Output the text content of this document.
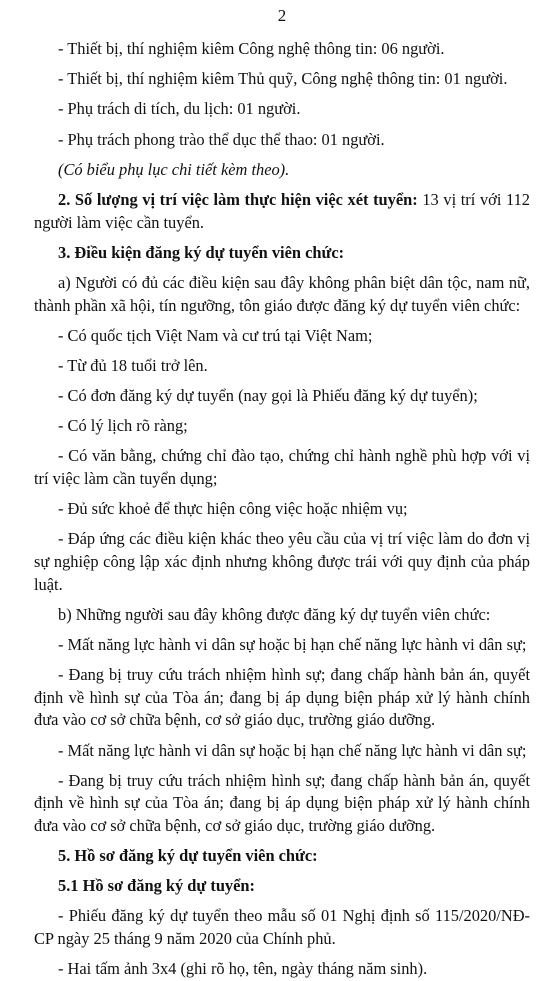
2

- Thiết bị, thí nghiệm kiêm Công nghệ thông tin: 06 người.

- Thiết bị, thí nghiệm kiêm Thủ quỹ, Công nghệ thông tin: 01 người.

- Phụ trách di tích, du lịch: 01 người.

- Phụ trách phong trào thể dục thể thao: 01 người.

(Có biểu phụ lục chi tiết kèm theo).

2. Số lượng vị trí việc làm thực hiện việc xét tuyển: 13 vị trí với 112 người làm việc cần tuyển.

3. Điều kiện đăng ký dự tuyển viên chức:

a) Người có đủ các điều kiện sau đây không phân biệt dân tộc, nam nữ, thành phần xã hội, tín ngưỡng, tôn giáo được đăng ký dự tuyển viên chức:

- Có quốc tịch Việt Nam và cư trú tại Việt Nam;

- Từ đủ 18 tuổi trở lên.

- Có đơn đăng ký dự tuyển (nay gọi là Phiếu đăng ký dự tuyển);

- Có lý lịch rõ ràng;

- Có văn bằng, chứng chỉ đào tạo, chứng chỉ hành nghề phù hợp với vị trí việc làm cần tuyển dụng;

- Đủ sức khoẻ để thực hiện công việc hoặc nhiệm vụ;

- Đáp ứng các điều kiện khác theo yêu cầu của vị trí việc làm do đơn vị sự nghiệp công lập xác định nhưng không được trái với quy định của pháp luật.

b) Những người sau đây không được đăng ký dự tuyển viên chức:

- Mất năng lực hành vi dân sự hoặc bị hạn chế năng lực hành vi dân sự;

- Đang bị truy cứu trách nhiệm hình sự; đang chấp hành bản án, quyết định về hình sự của Tòa án; đang bị áp dụng biện pháp xử lý hành chính đưa vào cơ sở chữa bệnh, cơ sở giáo dục, trường giáo dưỡng.

- Mất năng lực hành vi dân sự hoặc bị hạn chế năng lực hành vi dân sự;

- Đang bị truy cứu trách nhiệm hình sự; đang chấp hành bản án, quyết định về hình sự của Tòa án; đang bị áp dụng biện pháp xử lý hành chính đưa vào cơ sở chữa bệnh, cơ sở giáo dục, trường giáo dưỡng.

5. Hồ sơ đăng ký dự tuyển viên chức:

5.1 Hồ sơ đăng ký dự tuyển:

- Phiếu đăng ký dự tuyển theo mẫu số 01 Nghị định số 115/2020/NĐ-CP ngày 25 tháng 9 năm 2020 của Chính phủ.

- Hai tấm ảnh 3x4 (ghi rõ họ, tên, ngày tháng năm sinh).
